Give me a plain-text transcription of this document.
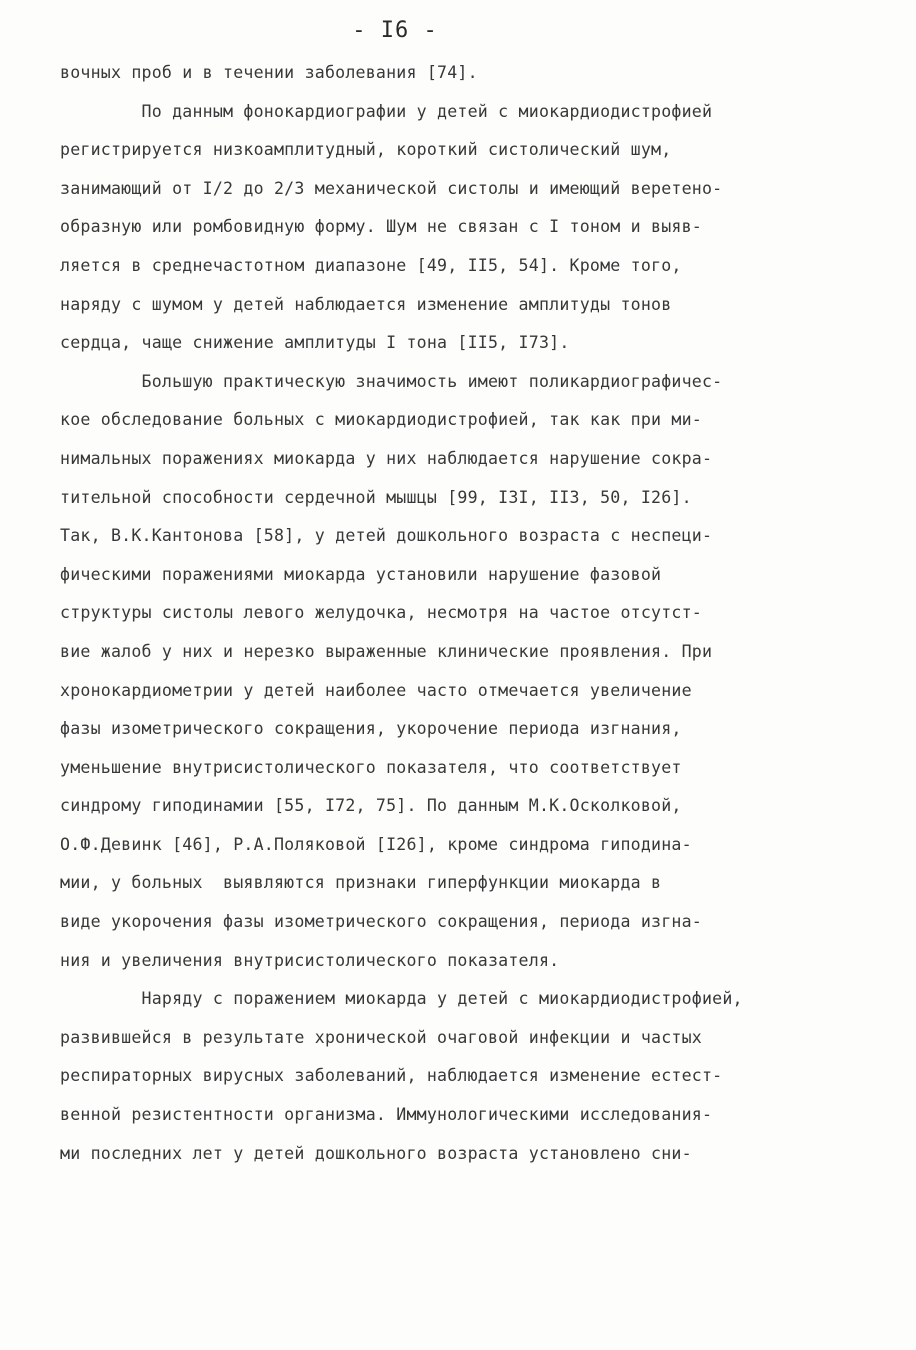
- I6 -
вочных проб и в течении заболевания [74].
По данным фонокардиографии у детей с миокардиодистрофией
регистрируется низкоамплитудный, короткий систолический шум,
занимающий от I/2 до 2/3 механической систолы и имеющий веретено-
образную или ромбовидную форму. Шум не связан с I тоном и выяв-
ляется в среднечастотном диапазоне [49, II5, 54]. Кроме того,
наряду с шумом у детей наблюдается изменение амплитуды тонов
сердца, чаще снижение амплитуды I тона [II5, I73].
Большую практическую значимость имеют поликардиографичес-
кое обследование больных с миокардиодистрофией, так как при ми-
нимальных поражениях миокарда у них наблюдается нарушение сокра-
тительной способности сердечной мышцы [99, I3I, II3, 50, I26].
Так, В.К.Кантонова [58], у детей дошкольного возраста с неспеци-
фическими поражениями миокарда установили нарушение фазовой
структуры систолы левого желудочка, несмотря на частое отсутст-
вие жалоб у них и нерезко выраженные клинические проявления. При
хронокардиометрии у детей наиболее часто отмечается увеличение
фазы изометрического сокращения, укорочение периода изгнания,
уменьшение внутрисистолического показателя, что соответствует
синдрому гиподинамии [55, I72, 75]. По данным М.К.Осколковой,
О.Ф.Девинк [46], Р.А.Поляковой [I26], кроме синдрома гиподина-
мии, у больных  выявляются признаки гиперфункции миокарда в
виде укорочения фазы изометрического сокращения, периода изгна-
ния и увеличения внутрисистолического показателя.
Наряду с поражением миокарда у детей с миокардиодистрофией,
развившейся в результате хронической очаговой инфекции и частых
респираторных вирусных заболеваний, наблюдается изменение естест-
венной резистентности организма. Иммунологическими исследования-
ми последних лет у детей дошкольного возраста установлено сни-
